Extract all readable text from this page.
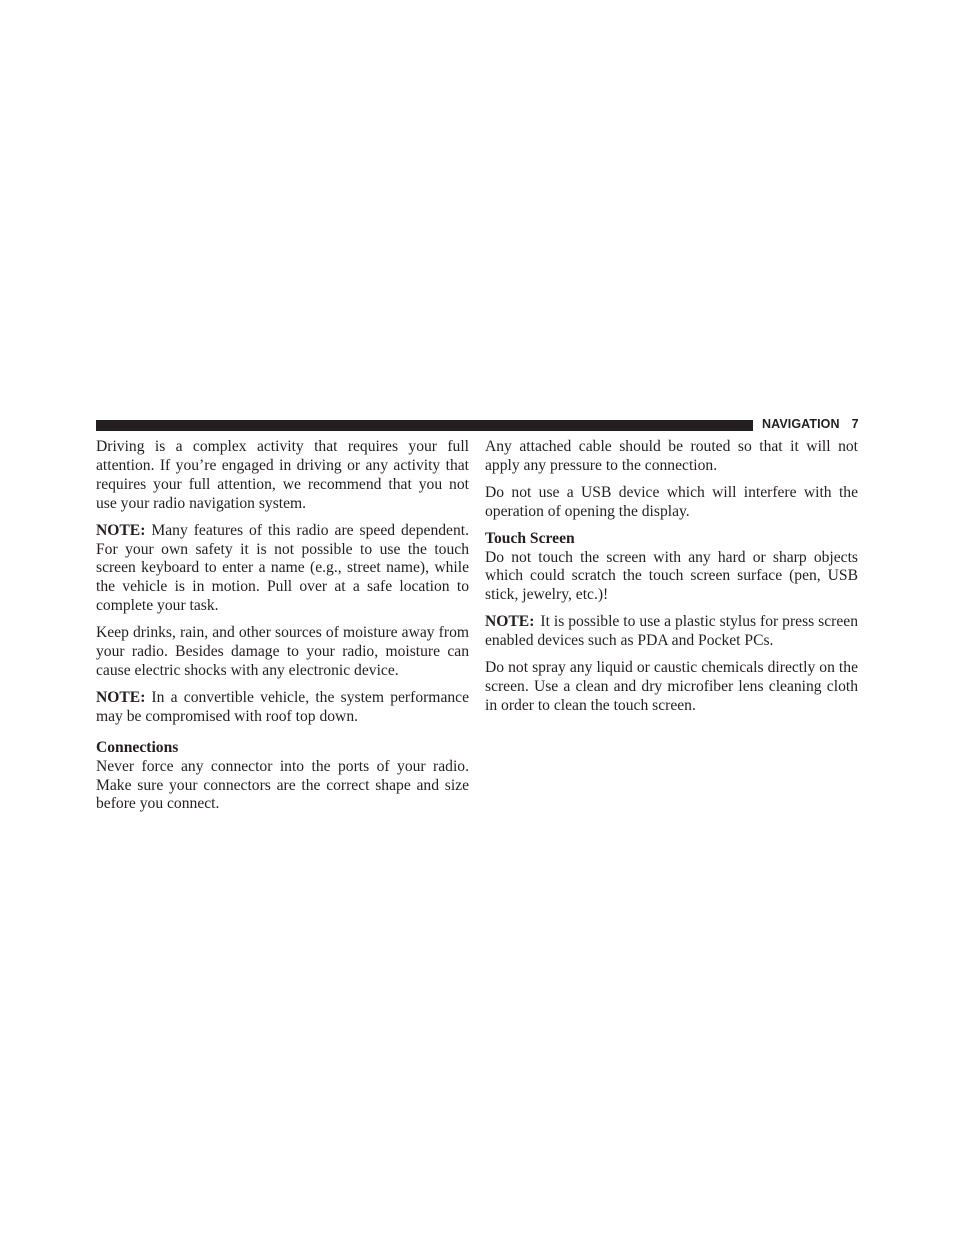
NAVIGATION 7

Driving is a complex activity that requires your full attention. If you’re engaged in driving or any activity that requires your full attention, we recommend that you not use your radio navigation system.

NOTE: Many features of this radio are speed dependent. For your own safety it is not possible to use the touch screen keyboard to enter a name (e.g., street name), while the vehicle is in motion. Pull over at a safe location to complete your task.

Keep drinks, rain, and other sources of moisture away from your radio. Besides damage to your radio, moisture can cause electric shocks with any electronic device.

NOTE: In a convertible vehicle, the system performance may be compromised with roof top down.

Connections

Never force any connector into the ports of your radio. Make sure your connectors are the correct shape and size before you connect.

Any attached cable should be routed so that it will not apply any pressure to the connection.

Do not use a USB device which will interfere with the operation of opening the display.

Touch Screen

Do not touch the screen with any hard or sharp objects which could scratch the touch screen surface (pen, USB stick, jewelry, etc.)!

NOTE: It is possible to use a plastic stylus for press screen enabled devices such as PDA and Pocket PCs.

Do not spray any liquid or caustic chemicals directly on the screen. Use a clean and dry microfiber lens cleaning cloth in order to clean the touch screen.
